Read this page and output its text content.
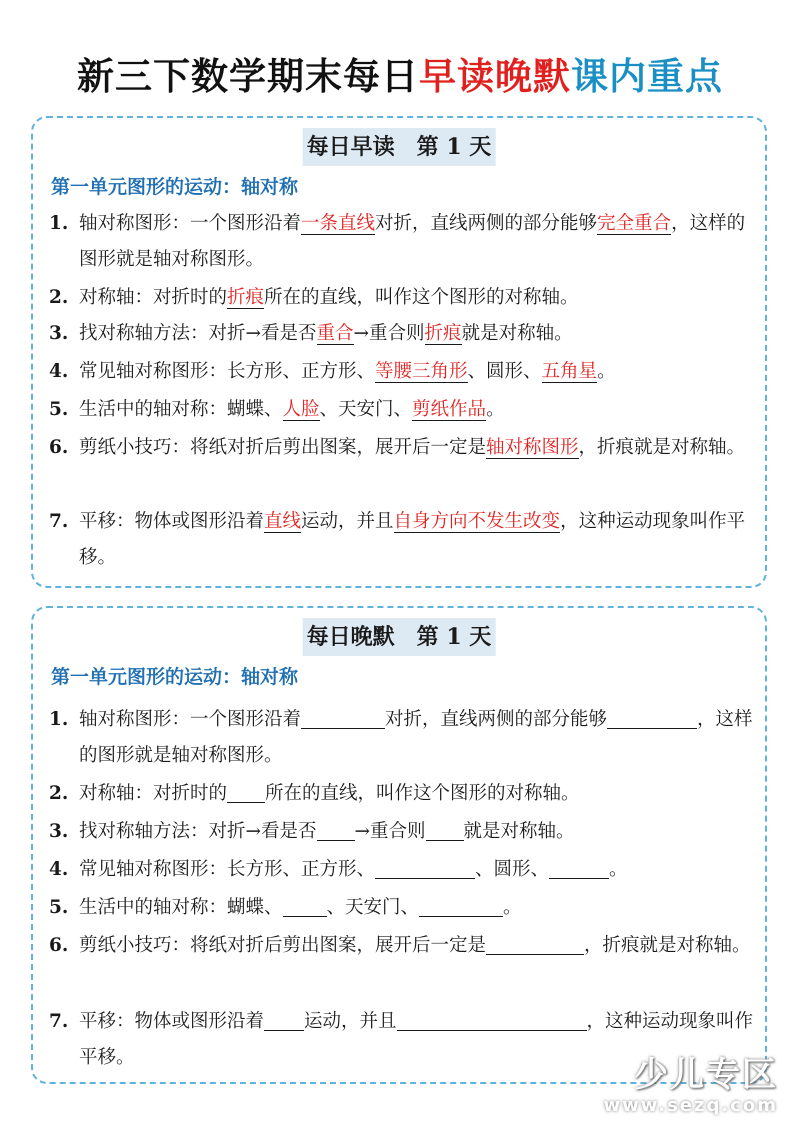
新三下数学期末每日早读晚默课内重点
每日早读　第 1 天
第一单元图形的运动：轴对称
1. 轴对称图形：一个图形沿着一条直线对折，直线两侧的部分能够完全重合，这样的图形就是轴对称图形。
2. 对称轴：对折时的折痕所在的直线，叫作这个图形的对称轴。
3. 找对称轴方法：对折→看是否重合→重合则折痕就是对称轴。
4. 常见轴对称图形：长方形、正方形、等腰三角形、圆形、五角星。
5. 生活中的轴对称：蝴蝶、人脸、天安门、剪纸作品。
6. 剪纸小技巧：将纸对折后剪出图案，展开后一定是轴对称图形，折痕就是对称轴。
7. 平移：物体或图形沿着直线运动，并且自身方向不发生改变，这种运动现象叫作平移。
每日晚默　第 1 天
第一单元图形的运动：轴对称
1. 轴对称图形：一个图形沿着	对折，直线两侧的部分能够	，这样的图形就是轴对称图形。
2. 对称轴：对折时的 所在的直线，叫作这个图形的对称轴。
3. 找对称轴方法：对折→看是否 →重合则 就是对称轴。
4. 常见轴对称图形：长方形、正方形、	、圆形、	。
5. 生活中的轴对称：蝴蝶、 、天安门、	。
6. 剪纸小技巧：将纸对折后剪出图案，展开后一定是	，折痕就是对称轴。
7. 平移：物体或图形沿着 运动，并且	，这种运动现象叫作平移。	少儿专区
www.sezq.com
